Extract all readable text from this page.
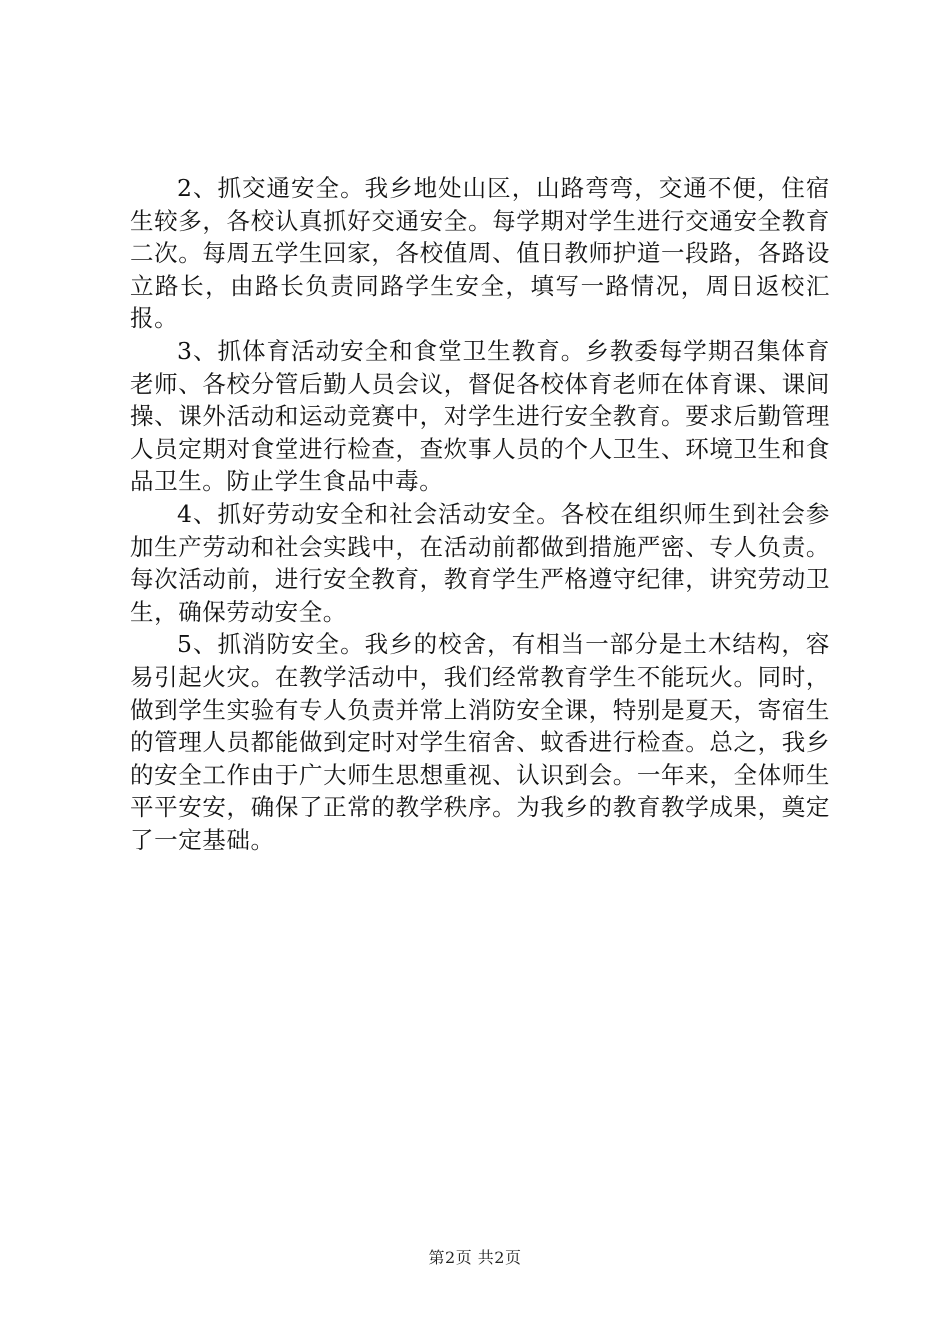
2、抓交通安全。我乡地处山区，山路弯弯，交通不便，住宿生较多，各校认真抓好交通安全。每学期对学生进行交通安全教育二次。每周五学生回家，各校值周、值日教师护道一段路，各路设立路长，由路长负责同路学生安全，填写一路情况，周日返校汇报。

3、抓体育活动安全和食堂卫生教育。乡教委每学期召集体育老师、各校分管后勤人员会议，督促各校体育老师在体育课、课间操、课外活动和运动竞赛中，对学生进行安全教育。要求后勤管理人员定期对食堂进行检查，查炊事人员的个人卫生、环境卫生和食品卫生。防止学生食品中毒。

4、抓好劳动安全和社会活动安全。各校在组织师生到社会参加生产劳动和社会实践中，在活动前都做到措施严密、专人负责。每次活动前，进行安全教育，教育学生严格遵守纪律，讲究劳动卫生，确保劳动安全。

5、抓消防安全。我乡的校舍，有相当一部分是土木结构，容易引起火灾。在教学活动中，我们经常教育学生不能玩火。同时，做到学生实验有专人负责并常上消防安全课，特别是夏天，寄宿生的管理人员都能做到定时对学生宿舍、蚊香进行检查。总之，我乡的安全工作由于广大师生思想重视、认识到会。一年来，全体师生平平安安，确保了正常的教学秩序。为我乡的教育教学成果，奠定了一定基础。

第2页 共2页
